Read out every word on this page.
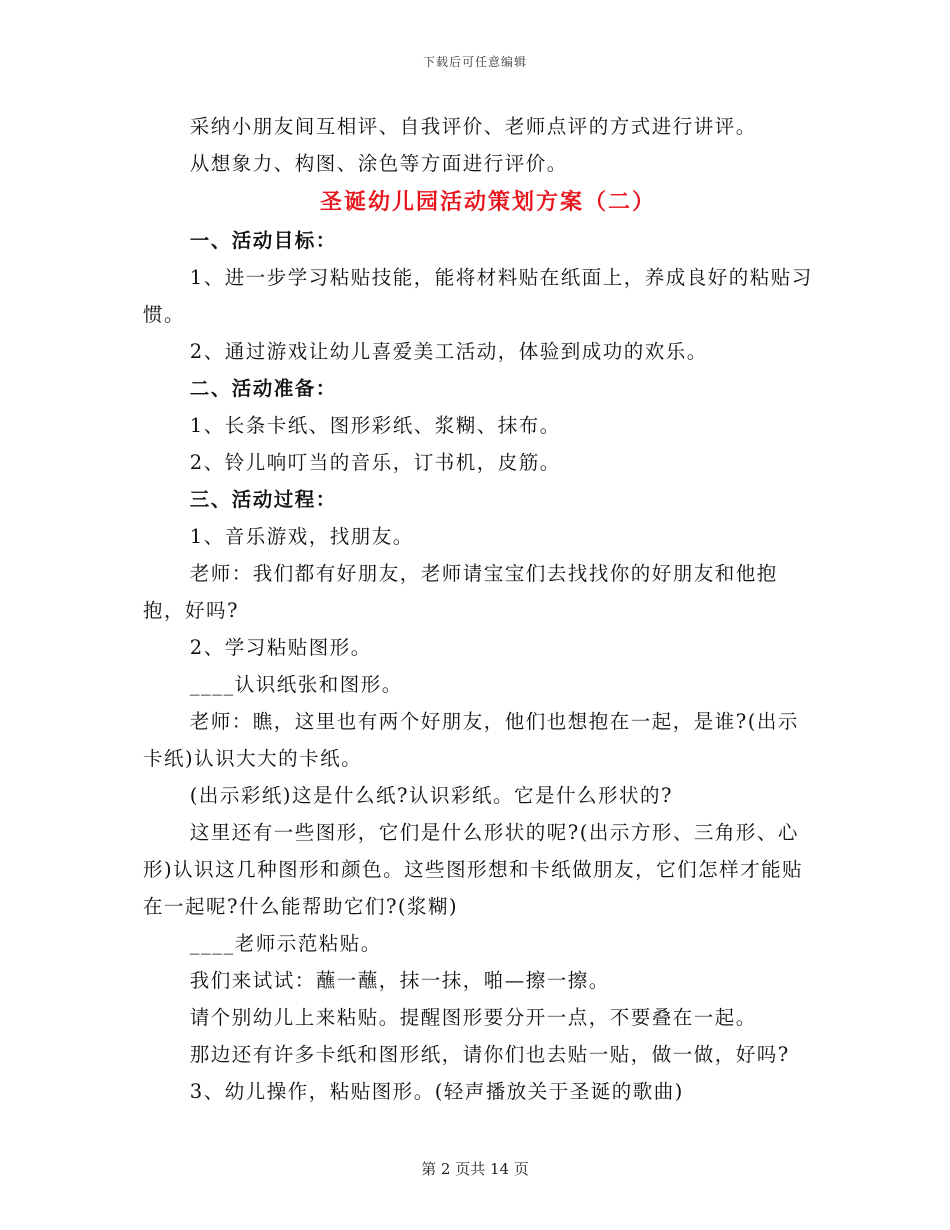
下载后可任意编辑

采纳小朋友间互相评、自我评价、老师点评的方式进行讲评。

从想象力、构图、涂色等方面进行评价。

圣诞幼儿园活动策划方案（二）

一、活动目标：

1、进一步学习粘贴技能，能将材料贴在纸面上，养成良好的粘贴习惯。

2、通过游戏让幼儿喜爱美工活动，体验到成功的欢乐。

二、活动准备：

1、长条卡纸、图形彩纸、浆糊、抹布。

2、铃儿响叮当的音乐，订书机，皮筋。

三、活动过程：

1、音乐游戏，找朋友。

老师：我们都有好朋友，老师请宝宝们去找找你的好朋友和他抱抱，好吗?

2、学习粘贴图形。

____认识纸张和图形。

老师：瞧，这里也有两个好朋友，他们也想抱在一起，是谁?(出示卡纸)认识大大的卡纸。

(出示彩纸)这是什么纸?认识彩纸。它是什么形状的?

这里还有一些图形，它们是什么形状的呢?(出示方形、三角形、心形)认识这几种图形和颜色。这些图形想和卡纸做朋友，它们怎样才能贴在一起呢?什么能帮助它们?(浆糊)

____老师示范粘贴。

我们来试试：蘸一蘸，抹一抹，啪—擦一擦。

请个别幼儿上来粘贴。提醒图形要分开一点，不要叠在一起。

那边还有许多卡纸和图形纸，请你们也去贴一贴，做一做，好吗?

3、幼儿操作，粘贴图形。(轻声播放关于圣诞的歌曲)

第 2 页共 14 页
